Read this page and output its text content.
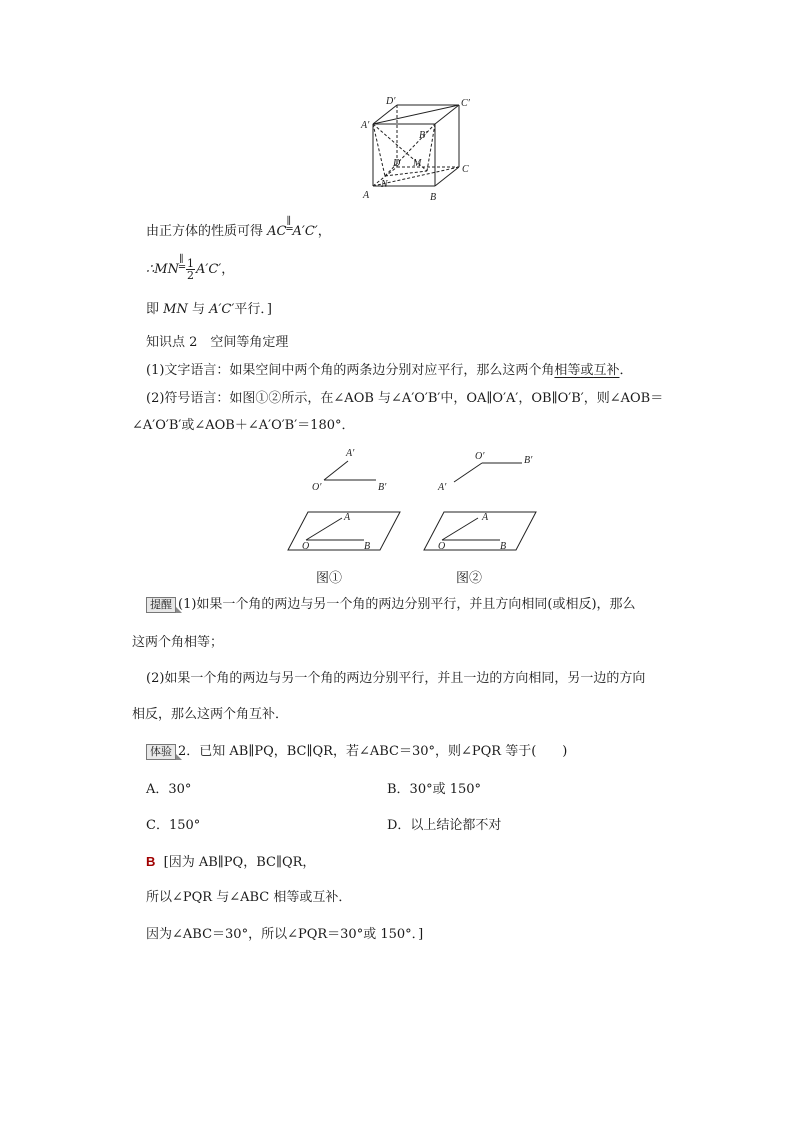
D′	C′
A′
B′
D M
N
C
A	B
由正方体的性质可得 AC∥
═A′C′，
∴MN∥
═ $\frac{1}{2} A'C'$，
即 MN 与 A′C′平行．]
知识点 2　空间等角定理
(1)文字语言：如果空间中两个角的两条边分别对应平行，那么这两个角相等或互补．
(2)符号语言：如图①②所示，在∠AOB 与∠A′O′B′中，OA∥O′A′，OB∥O′B′，则∠AOB＝
∠A′O′B′或∠AOB＋∠A′O′B′＝180°．
A′
O′	B′
A
O	B
O′	B′
A′
A
O	B
图①	图②
提醒 (1)如果一个角的两边与另一个角的两边分别平行，并且方向相同(或相反)，那么
这两个角相等；
(2)如果一个角的两边与另一个角的两边分别平行，并且一边的方向相同，另一边的方向
相反，那么这两个角互补．
体验 2．已知 AB∥PQ，BC∥QR，若∠ABC＝30°，则∠PQR 等于(　　)
A．30°	B．30°或 150°
C．150°	D．以上结论都不对
B [因为 AB∥PQ，BC∥QR，
所以∠PQR 与∠ABC 相等或互补．
因为∠ABC＝30°，所以∠PQR＝30°或 150°．]
